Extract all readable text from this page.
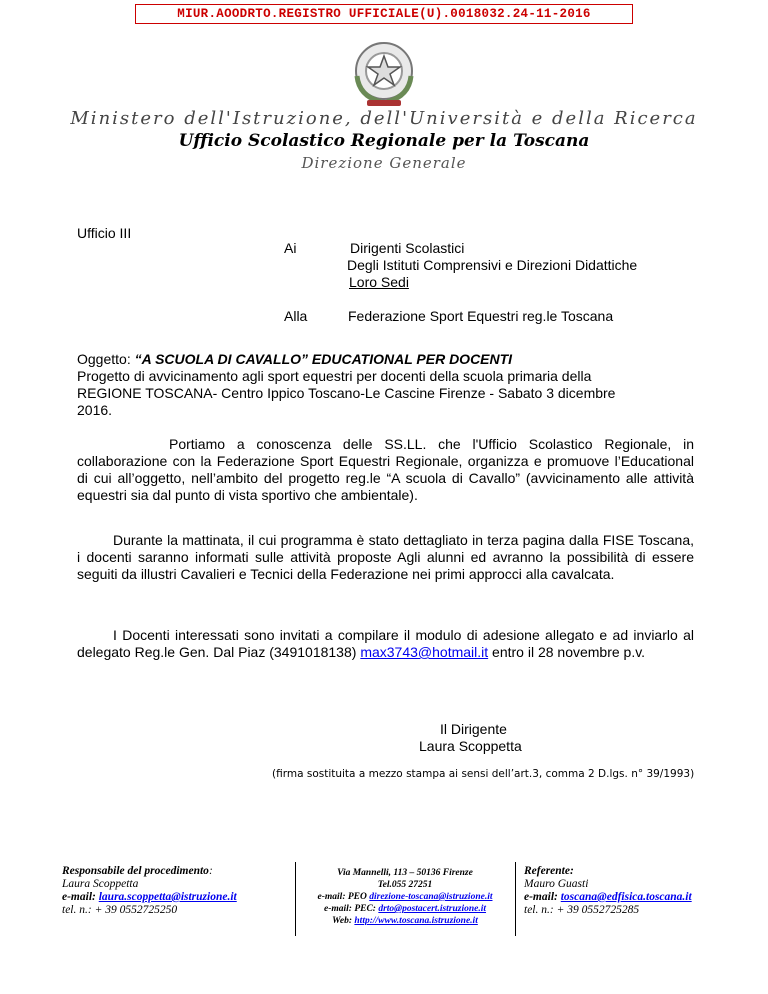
MIUR.AOODRTO.REGISTRO UFFICIALE(U).0018032.24-11-2016
Ministero dell'Istruzione, dell'Università e della Ricerca
Ufficio Scolastico Regionale per la Toscana
Direzione Generale
Ufficio III
Ai	Dirigenti Scolastici
Degli Istituti Comprensivi e Direzioni Didattiche
Loro Sedi
Alla	Federazione Sport Equestri reg.le Toscana
Oggetto: “A SCUOLA DI CAVALLO” EDUCATIONAL PER DOCENTI
Progetto di avvicinamento agli sport equestri per docenti della scuola primaria della
REGIONE TOSCANA- Centro Ippico Toscano-Le Cascine Firenze - Sabato 3 dicembre
2016.
Portiamo a conoscenza delle SS.LL. che l'Ufficio Scolastico Regionale, in collaborazione con la Federazione Sport Equestri Regionale, organizza e promuove l’Educational di cui all’oggetto, nell’ambito del progetto reg.le “A scuola di Cavallo” (avvicinamento alle attività equestri sia dal punto di vista sportivo che ambientale).
Durante la mattinata, il cui programma è stato dettagliato in terza pagina dalla FISE Toscana, i docenti saranno informati sulle attività proposte Agli alunni ed avranno la possibilità di essere seguiti da illustri Cavalieri e Tecnici della Federazione nei primi approcci alla cavalcata.
I Docenti interessati sono invitati a compilare il modulo di adesione allegato e ad inviarlo al delegato Reg.le Gen. Dal Piaz (3491018138) max3743@hotmail.it entro il 28 novembre p.v.
Il Dirigente
Laura Scoppetta
(firma sostituita a mezzo stampa ai sensi dell’art.3, comma 2 D.lgs. n° 39/1993)
Responsabile del procedimento:
Laura Scoppetta
e-mail: laura.scoppetta@istruzione.it
tel. n.: + 39 0552725250
Via Mannelli, 113 – 50136 Firenze
Tel.055 27251
e-mail: PEO direzione-toscana@istruzione.it
e-mail: PEC: drto@postacert.istruzione.it
Web: http://www.toscana.istruzione.it
Referente:
Mauro Guasti
e-mail: toscana@edfisica.toscana.it
tel. n.: + 39 0552725285
